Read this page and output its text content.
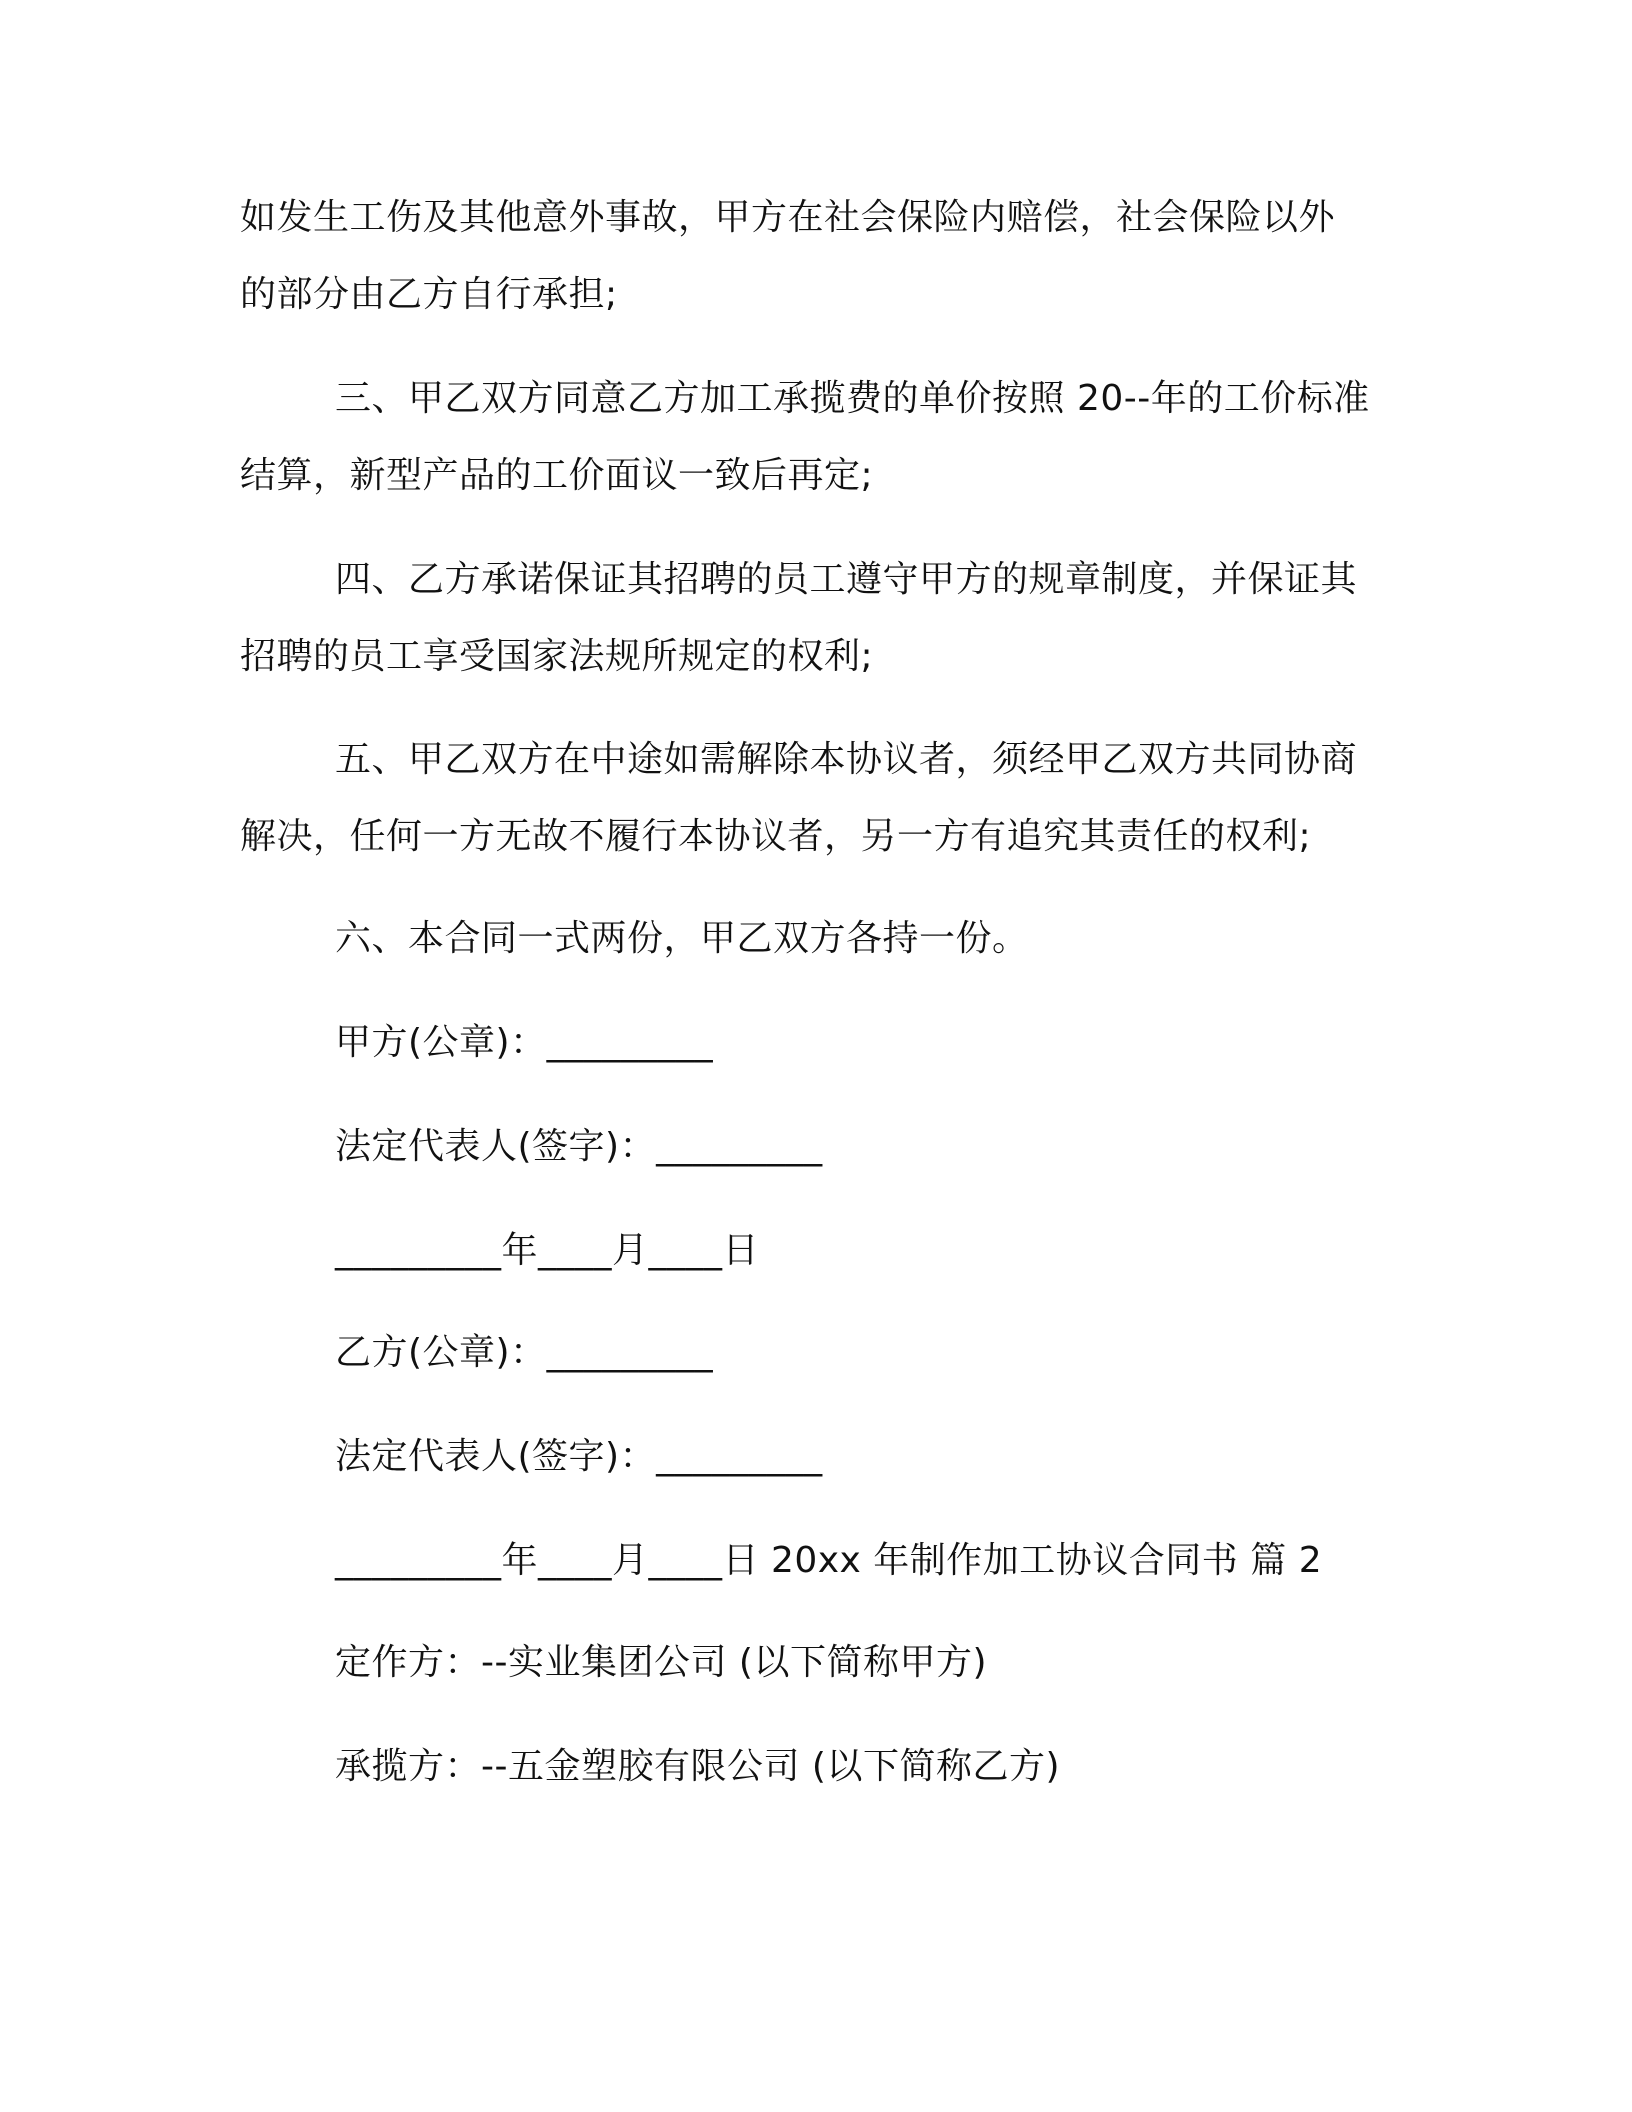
如发生工伤及其他意外事故，甲方在社会保险内赔偿，社会保险以外
的部分由乙方自行承担;
三、甲乙双方同意乙方加工承揽费的单价按照 20--年的工价标准
结算，新型产品的工价面议一致后再定;
四、乙方承诺保证其招聘的员工遵守甲方的规章制度，并保证其
招聘的员工享受国家法规所规定的权利;
五、甲乙双方在中途如需解除本协议者，须经甲乙双方共同协商
解决，任何一方无故不履行本协议者，另一方有追究其责任的权利;
六、本合同一式两份，甲乙双方各持一份。
甲方(公章)：_________
法定代表人(签字)：_________
_________年____月____日
乙方(公章)：_________
法定代表人(签字)：_________
_________年____月____日 20xx 年制作加工协议合同书 篇 2
定作方：--实业集团公司 (以下简称甲方)
承揽方：--五金塑胶有限公司 (以下简称乙方)
